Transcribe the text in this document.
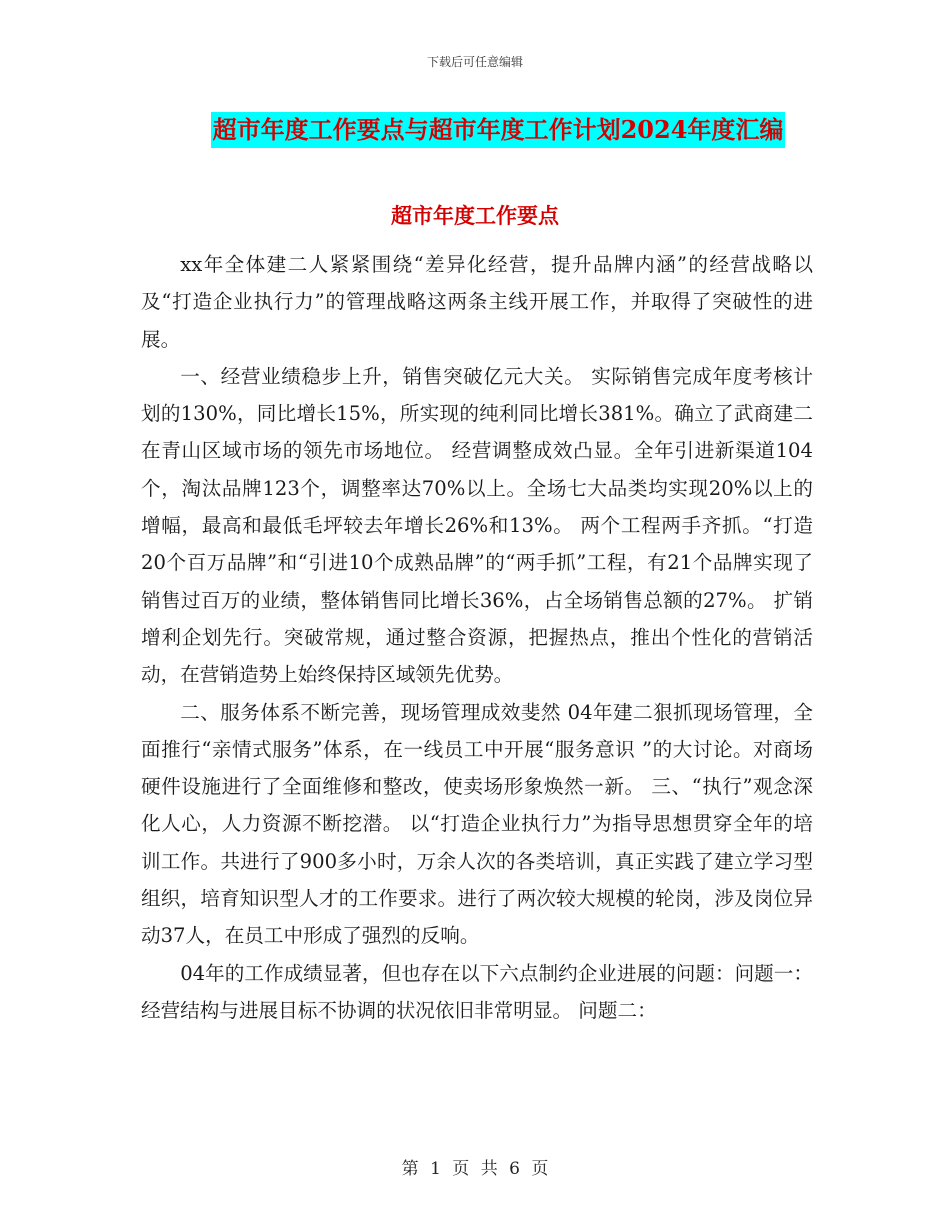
下载后可任意编辑
超市年度工作要点与超市年度工作计划2024年度汇编
超市年度工作要点

xx年全体建二人紧紧围绕“差异化经营，提升品牌内涵”的经营战略以及“打造企业执行力”的管理战略这两条主线开展工作，并取得了突破性的进展。

一、经营业绩稳步上升，销售突破亿元大关。 实际销售完成年度考核计划的130%，同比增长15%，所实现的纯利同比增长381%。确立了武商建二在青山区域市场的领先市场地位。 经营调整成效凸显。全年引进新渠道104个，淘汰品牌123个，调整率达70%以上。全场七大品类均实现20%以上的增幅，最高和最低毛坪较去年增长26%和13%。 两个工程两手齐抓。“打造20个百万品牌”和“引进10个成熟品牌”的“两手抓”工程，有21个品牌实现了销售过百万的业绩，整体销售同比增长36%，占全场销售总额的27%。 扩销增利企划先行。突破常规，通过整合资源，把握热点，推出个性化的营销活动，在营销造势上始终保持区域领先优势。

二、服务体系不断完善，现场管理成效斐然 04年建二狠抓现场管理，全面推行“亲情式服务”体系，在一线员工中开展“服务意识 ”的大讨论。对商场硬件设施进行了全面维修和整改，使卖场形象焕然一新。 三、“执行”观念深化人心，人力资源不断挖潜。 以“打造企业执行力”为指导思想贯穿全年的培训工作。共进行了900多小时，万余人次的各类培训，真正实践了建立学习型组织，培育知识型人才的工作要求。进行了两次较大规模的轮岗，涉及岗位异动37人，在员工中形成了强烈的反响。

04年的工作成绩显著，但也存在以下六点制约企业进展的问题：问题一：经营结构与进展目标不协调的状况依旧非常明显。 问题二：

第 1 页 共 6 页
